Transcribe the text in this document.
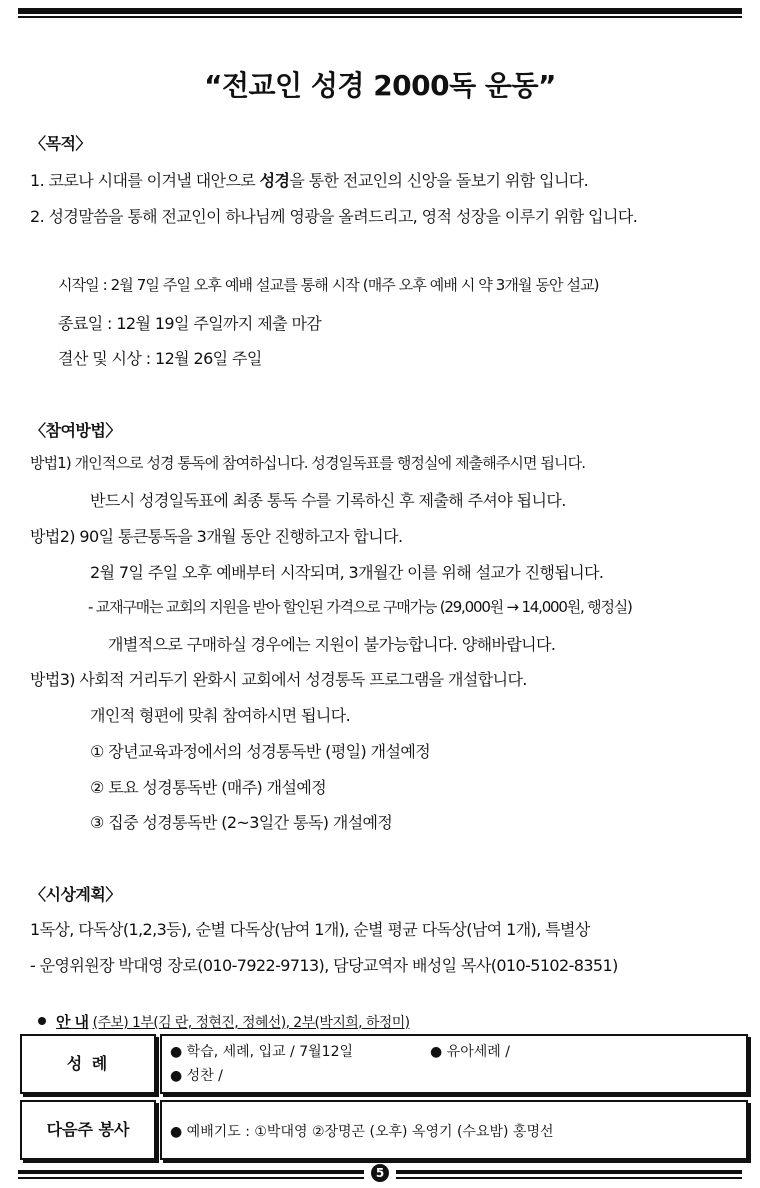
“전교인 성경 2000독 운동”
〈목적〉
1. 코로나 시대를 이겨낼 대안으로 성경을 통한 전교인의 신앙을 돌보기 위함 입니다.
2. 성경말씀을 통해 전교인이 하나님께 영광을 올려드리고, 영적 성장을 이루기 위함 입니다.
시작일 : 2월 7일 주일 오후 예배 설교를 통해 시작 (매주 오후 예배 시 약 3개월 동안 설교)
종료일 : 12월 19일 주일까지 제출 마감
결산 및 시상 : 12월 26일 주일
〈참여방법〉
방법1) 개인적으로 성경 통독에 참여하십니다. 성경일독표를 행정실에 제출해주시면 됩니다.
반드시 성경일독표에 최종 통독 수를 기록하신 후 제출해 주셔야 됩니다.
방법2) 90일 통큰통독을 3개월 동안 진행하고자 합니다.
2월 7일 주일 오후 예배부터 시작되며, 3개월간 이를 위해 설교가 진행됩니다.
- 교재구매는 교회의 지원을 받아 할인된 가격으로 구매가능 (29,000원 → 14,000원, 행정실)
개별적으로 구매하실 경우에는 지원이 불가능합니다. 양해바랍니다.
방법3) 사회적 거리두기 완화시 교회에서 성경통독 프로그램을 개설합니다.
개인적 형편에 맞춰 참여하시면 됩니다.
① 장년교육과정에서의 성경통독반 (평일) 개설예정
② 토요 성경통독반 (매주) 개설예정
③ 집중 성경통독반 (2~3일간 통독) 개설예정
〈시상계획〉
1독상, 다독상(1,2,3등), 순별 다독상(남여 1개), 순별 평균 다독상(남여 1개), 특별상
- 운영위원장 박대영 장로(010-7922-9713), 담당교역자 배성일 목사(010-5102-8351)
안 내 (주보) 1부(김 란, 정현진, 정혜선), 2부(박지희, 하정미)
성 례
● 학습, 세례, 입교 / 7월12일	● 유아세례 /
● 성찬 /
다음주 봉사	● 예배기도 : ①박대영 ②장명곤 (오후) 옥영기 (수요밤) 홍명선
5
